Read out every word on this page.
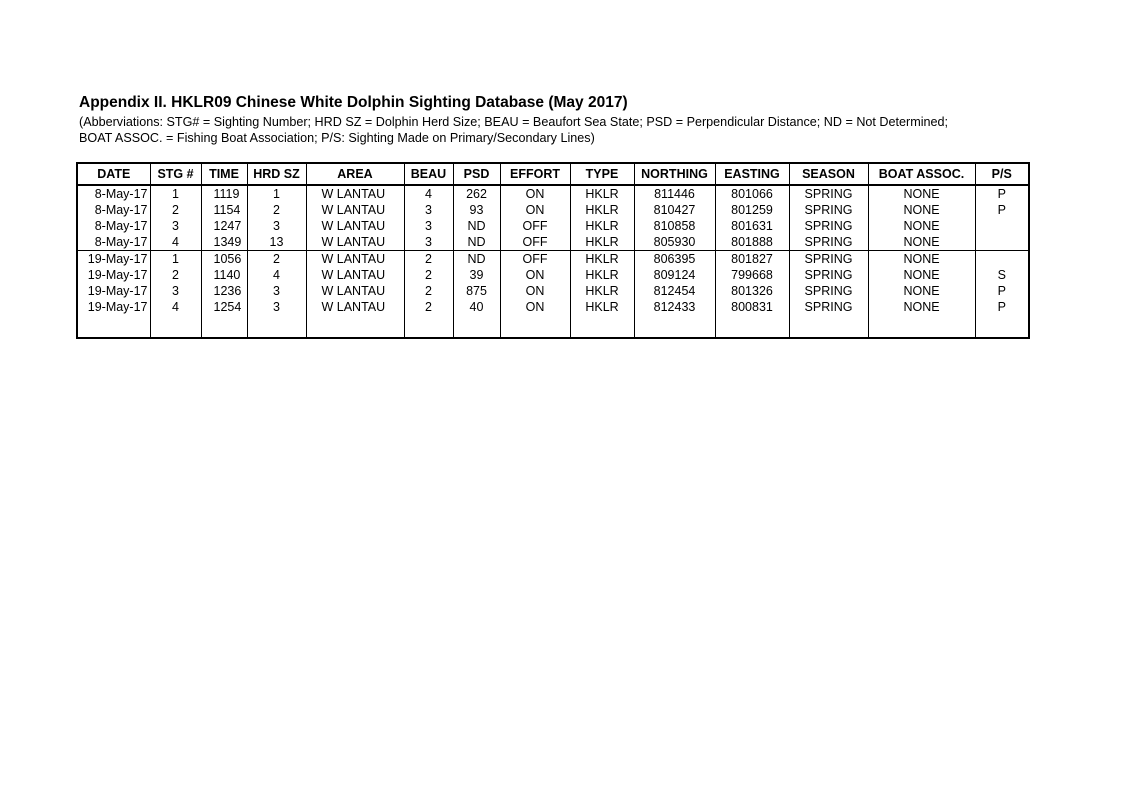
Appendix II. HKLR09 Chinese White Dolphin Sighting Database (May 2017)

(Abberviations: STG# = Sighting Number; HRD SZ = Dolphin Herd Size; BEAU = Beaufort Sea State; PSD = Perpendicular Distance; ND = Not Determined;
BOAT ASSOC. = Fishing Boat Association; P/S: Sighting Made on Primary/Secondary Lines)

DATE	STG #	TIME	HRD SZ	AREA	BEAU	PSD	EFFORT	TYPE	NORTHING	EASTING	SEASON	BOAT ASSOC.	P/S
8-May-17	1	1119	1	W LANTAU	4	262	ON	HKLR	811446	801066	SPRING	NONE	P
8-May-17	2	1154	2	W LANTAU	3	93	ON	HKLR	810427	801259	SPRING	NONE	P
8-May-17	3	1247	3	W LANTAU	3	ND	OFF	HKLR	810858	801631	SPRING	NONE	
8-May-17	4	1349	13	W LANTAU	3	ND	OFF	HKLR	805930	801888	SPRING	NONE	
19-May-17	1	1056	2	W LANTAU	2	ND	OFF	HKLR	806395	801827	SPRING	NONE	
19-May-17	2	1140	4	W LANTAU	2	39	ON	HKLR	809124	799668	SPRING	NONE	S
19-May-17	3	1236	3	W LANTAU	2	875	ON	HKLR	812454	801326	SPRING	NONE	P
19-May-17	4	1254	3	W LANTAU	2	40	ON	HKLR	812433	800831	SPRING	NONE	P
